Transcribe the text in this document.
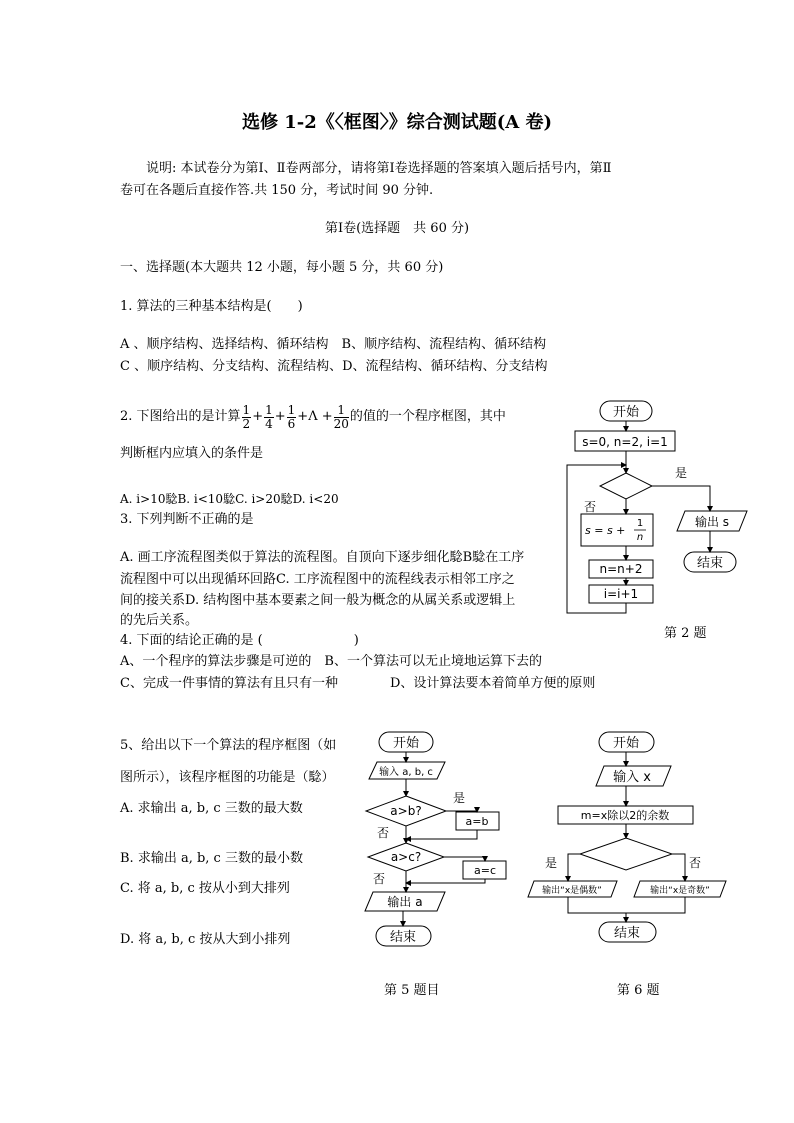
选修 1-2《〈框图〉》综合测试题(A 卷)
说明: 本试卷分为第Ⅰ、Ⅱ卷两部分，请将第Ⅰ卷选择题的答案填入题后括号内，第Ⅱ
卷可在各题后直接作答.共 150 分，考试时间 90 分钟.
第Ⅰ卷(选择题　共 60 分)
一、选择题(本大题共 12 小题，每小题 5 分，共 60 分)
1. 算法的三种基本结构是(　　)
A 、顺序结构、选择结构、循环结构　B、顺序结构、流程结构、循环结构
C 、顺序结构、分支结构、流程结构、D、流程结构、循环结构、分支结构
2. 下图给出的是计算 $\frac{1}{2} + \frac{1}{4} + \frac{1}{6} + \Lambda + \frac{1}{20}$ 的值的一个程序框图，其中
判断框内应填入的条件是
A. i>10騐B. i<10騐C. i>20騐D. i<20
3. 下列判断不正确的是
A. 画工序流程图类似于算法的流程图。自顶向下逐步细化騐B騐在工序
流程图中可以出现循环回路C. 工序流程图中的流程线表示相邻工序之
间的接关系D. 结构图中基本要素之间一般为概念的从属关系或逻辑上
的先后关系。
4. 下面的结论正确的是 (　　　　　　　)
A、一个程序的算法步骤是可逆的　B、一个算法可以无止境地运算下去的
C、完成一件事情的算法有且只有一种　　　　D、设计算法要本着简单方便的原则
5、给出以下一个算法的程序框图（如
图所示），该程序框图的功能是（騐）
A. 求输出 a, b, c 三数的最大数
B. 求输出 a, b, c 三数的最小数
C. 将 a, b, c 按从小到大排列
D. 将 a, b, c 按从大到小排列
开始
s=0, n=2, i=1
是
否
s = s +
1
n
输出 s
结束
n=n+2
i=i+1
第 2 题
开始
输入 a, b, c
a>b?
是
a=b
否
a>c?
a=c
否
输出 a
结束
第 5 题目
开始
输入 x
m=x除以2的余数
是	否
输出“x是偶数”	输出“x是奇数”
结束
第 6 题
